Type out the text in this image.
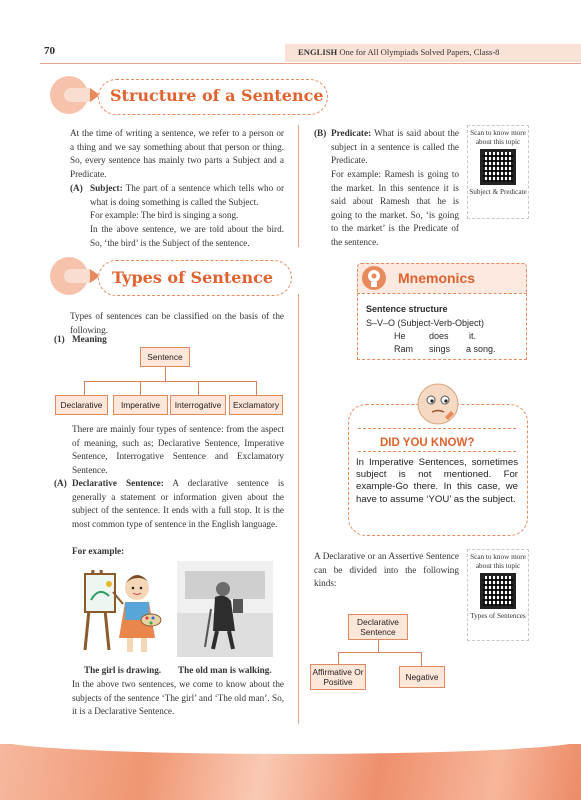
70	ENGLISH One for All Olympiads Solved Papers, Class-8
Structure of a Sentence
At the time of writing a sentence, we refer to a person or a thing and we say something about that person or thing. So, every sentence has mainly two parts a Subject and a Predicate.
(A) Subject: The part of a sentence which tells who or what is doing something is called the Subject.
For example: The bird is singing a song.
In the above sentence, we are told about the bird. So, ‘the bird’ is the Subject of the sentence.
(B) Predicate: What is said about the subject in a sentence is called the Predicate.
For example: Ramesh is going to the market. In this sentence it is said about Ramesh that he is going to the market. So, ‘is going to the market’ is the Predicate of the sentence.
Scan to know more about this topic
Subject & Predicate
Types of Sentence
Types of sentences can be classified on the basis of the following.
(1) Meaning
Sentence
Declarative	Imperative	Interrogative	Exclamatory
There are mainly four types of sentence: from the aspect of meaning, such as; Declarative Sentence, Imperative Sentence, Interrogative Sentence and Exclamatory Sentence.
(A) Declarative Sentence: A declarative sentence is generally a statement or information given about the subject of the sentence. It ends with a full stop. It is the most common type of sentence in the English language.
For example:
The girl is drawing. The old man is walking.
In the above two sentences, we come to know about the subjects of the sentence ‘The girl’ and ‘The old man’. So, it is a Declarative Sentence.
Mnemonics
Sentence structure
S–V–O (Subject-Verb-Object)
He	does it.
Ram sings a song.
DID YOU KNOW?
In Imperative Sentences, sometimes subject is not mentioned. For example-Go there. In this case, we have to assume ‘YOU’ as the subject.
A Declarative or an Assertive Sentence can be divided into the following kinds:
Scan to know more about this topic
Types of Sentences
Declarative Sentence
Affirmative Or Positive	Negative
